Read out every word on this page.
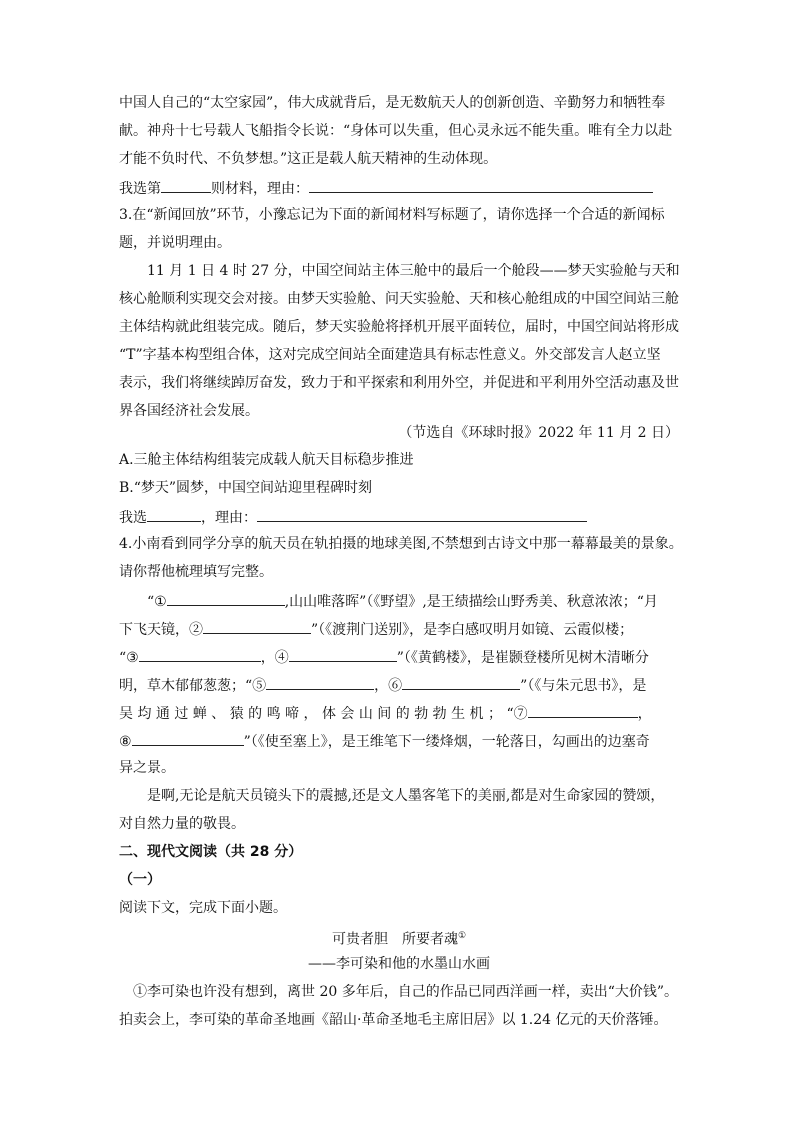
中国人自己的“太空家园”，伟大成就背后，是无数航天人的创新创造、辛勤努力和牺牲奉
献。神舟十七号载人飞船指令长说：“身体可以失重，但心灵永远不能失重。唯有全力以赴
才能不负时代、不负梦想。”这正是载人航天精神的生动体现。
我选第	则材料，理由：
3.在“新闻回放”环节，小豫忘记为下面的新闻材料写标题了，请你选择一个合适的新闻标
题，并说明理由。
11 月 1 日 4 时 27 分，中国空间站主体三舱中的最后一个舱段——梦天实验舱与天和
核心舱顺利实现交会对接。由梦天实验舱、问天实验舱、天和核心舱组成的中国空间站三舱
主体结构就此组装完成。随后，梦天实验舱将择机开展平面转位，届时，中国空间站将形成
“T”字基本构型组合体，这对完成空间站全面建造具有标志性意义。外交部发言人赵立坚
表示，我们将继续踔厉奋发，致力于和平探索和利用外空，并促进和平利用外空活动惠及世
界各国经济社会发展。
（节选自《环球时报》2022 年 11 月 2 日）
A.三舱主体结构组装完成载人航天目标稳步推进
B.“梦天”圆梦，中国空间站迎里程碑时刻
我选	，理由：
4.小南看到同学分享的航天员在轨拍摄的地球美图,不禁想到古诗文中那一幕幕最美的景象。
请你帮他梳理填写完整。
“①	,山山唯落晖”（《野望》,是王绩描绘山野秀美、秋意浓浓；“月
下飞天镜，②	”（《渡荆门送别》，是李白感叹明月如镜、云霞似楼；
“③	，④	”（《黄鹤楼》，是崔颢登楼所见树木清晰分
明，草木郁郁葱葱；“⑤	，⑥	”（《与朱元思书》，是
吴 均 通 过 蝉 、 猿 的 鸣 啼 ， 体 会 山 间 的 勃 勃 生 机 ； “⑦	，
⑧	”（《使至塞上》，是王维笔下一缕烽烟，一轮落日，勾画出的边塞奇
异之景。
是啊,无论是航天员镜头下的震撼,还是文人墨客笔下的美丽,都是对生命家园的赞颂，
对自然力量的敬畏。
二、现代文阅读（共 28 分）
（一）
阅读下文，完成下面小题。
可贵者胆　所要者魂①
——李可染和他的水墨山水画
①李可染也许没有想到，离世 20 多年后，自己的作品已同西洋画一样，卖出“大价钱”。
拍卖会上，李可染的革命圣地画《韶山·革命圣地毛主席旧居》以 1.24 亿元的天价落锤。
